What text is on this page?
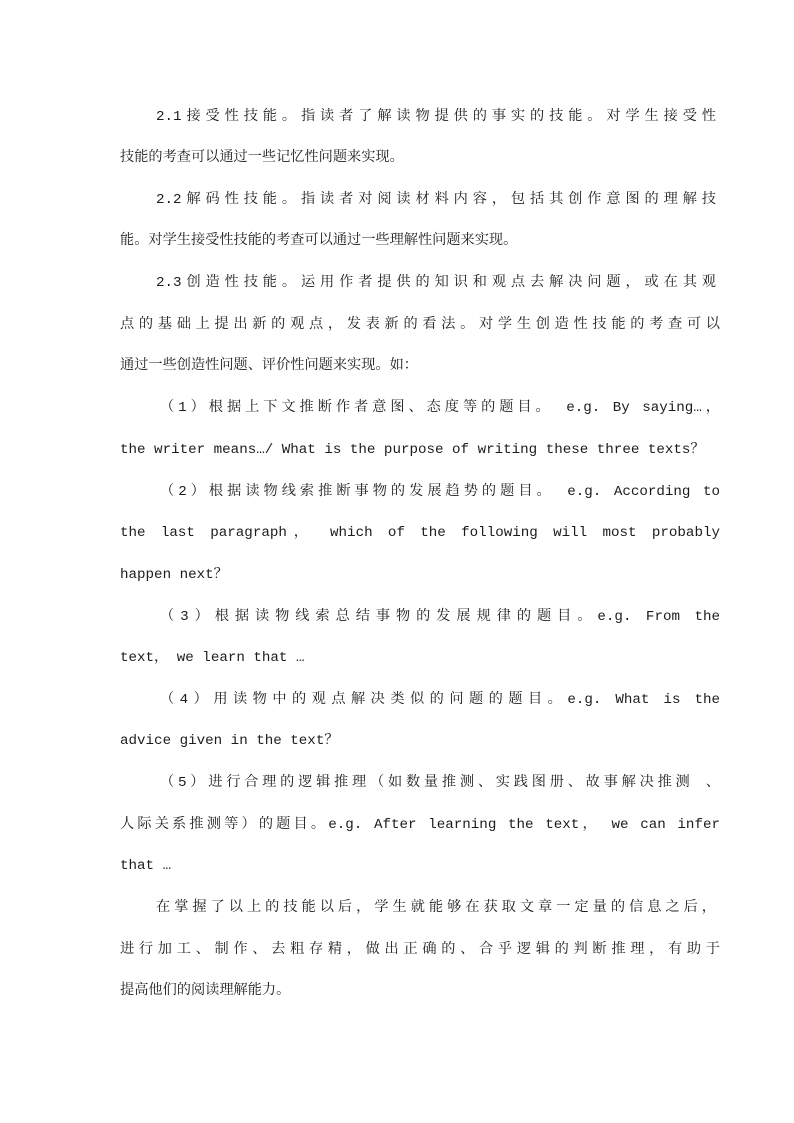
2.1接受性技能。指读者了解读物提供的事实的技能。对学生接受性
技能的考查可以通过一些记忆性问题来实现。
2.2解码性技能。指读者对阅读材料内容，包括其创作意图的理解技
能。对学生接受性技能的考查可以通过一些理解性问题来实现。
2.3创造性技能。运用作者提供的知识和观点去解决问题，或在其观
点的基础上提出新的观点，发表新的看法。对学生创造性技能的考查可以
通过一些创造性问题、评价性问题来实现。如：
（1）根据上下文推断作者意图、态度等的题目。 e.g. By saying…，
the writer means…/ What is the purpose of writing these three texts？
（2）根据读物线索推断事物的发展趋势的题目。 e.g. According to
the last paragraph， which of the following will most probably
happen next？
（3）根据读物线索总结事物的发展规律的题目。e.g. From the
text， we learn that …
（4）用读物中的观点解决类似的问题的题目。e.g. What is the
advice given in the text？
（5）进行合理的逻辑推理（如数量推测、实践图册、故事解决推测 、
人际关系推测等）的题目。e.g. After learning the text， we can infer
that …
在掌握了以上的技能以后，学生就能够在获取文章一定量的信息之后，
进行加工、制作、去粗存精，做出正确的、合乎逻辑的判断推理，有助于
提高他们的阅读理解能力。
